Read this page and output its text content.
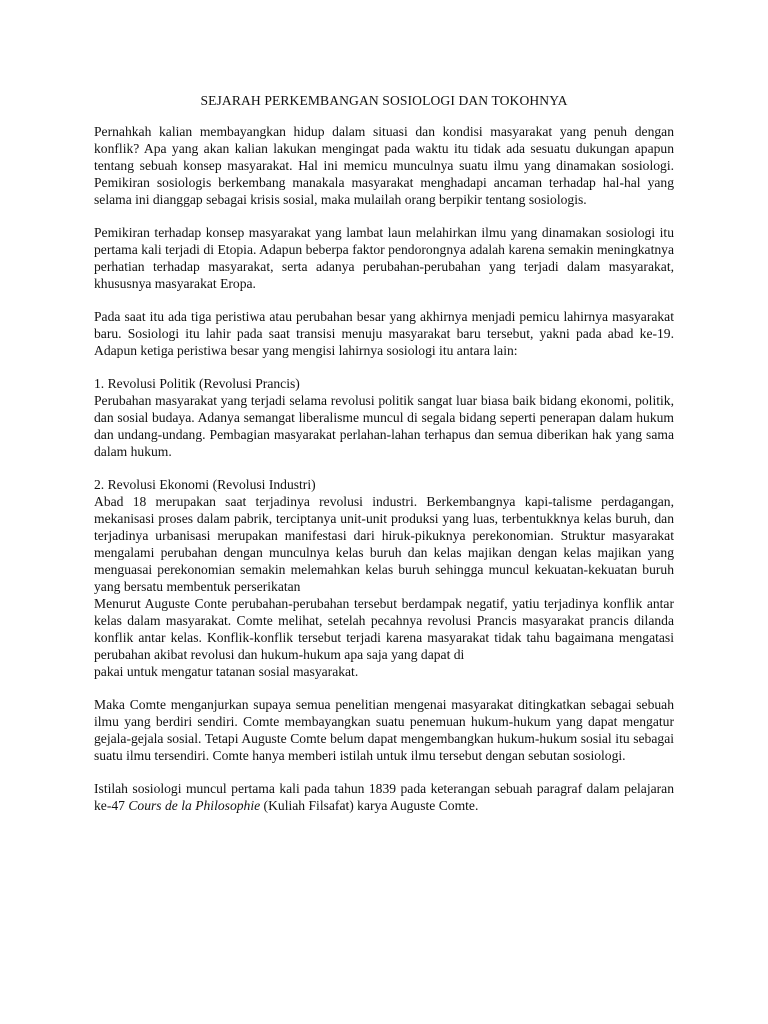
SEJARAH PERKEMBANGAN SOSIOLOGI DAN TOKOHNYA

Pernahkah kalian membayangkan hidup dalam situasi dan kondisi masyarakat yang penuh dengan konflik? Apa yang akan kalian lakukan mengingat pada waktu itu tidak ada sesuatu dukungan apapun tentang sebuah konsep masyarakat. Hal ini memicu munculnya suatu ilmu yang dinamakan sosiologi. Pemikiran sosiologis berkembang manakala masyarakat menghadapi ancaman terhadap hal-hal yang selama ini dianggap sebagai krisis sosial, maka mulailah orang berpikir tentang sosiologis.

Pemikiran terhadap konsep masyarakat yang lambat laun melahirkan ilmu yang dinamakan sosiologi itu pertama kali terjadi di Etopia. Adapun beberpa faktor pendorongnya adalah karena semakin meningkatnya perhatian terhadap masyarakat, serta adanya perubahan-perubahan yang terjadi dalam masyarakat, khususnya masyarakat Eropa.

Pada saat itu ada tiga peristiwa atau perubahan besar yang akhirnya menjadi pemicu lahirnya masyarakat baru. Sosiologi itu lahir pada saat transisi menuju masyarakat baru tersebut, yakni pada abad ke-19. Adapun ketiga peristiwa besar yang mengisi lahirnya sosiologi itu antara lain:

1. Revolusi Politik (Revolusi Prancis)
Perubahan masyarakat yang terjadi selama revolusi politik sangat luar biasa baik bidang ekonomi, politik, dan sosial budaya. Adanya semangat liberalisme muncul di segala bidang seperti penerapan dalam hukum dan undang-undang. Pembagian masyarakat perlahan-lahan terhapus dan semua diberikan hak yang sama dalam hukum.
2. Revolusi Ekonomi (Revolusi Industri)
Abad 18 merupakan saat terjadinya revolusi industri. Berkembangnya kapi-talisme perdagangan, mekanisasi proses dalam pabrik, terciptanya unit-unit produksi yang luas, terbentukknya kelas buruh, dan terjadinya urbanisasi merupakan manifestasi dari hiruk-pikuknya perekonomian. Struktur masyarakat mengalami perubahan dengan munculnya kelas buruh dan kelas majikan dengan kelas majikan yang menguasai perekonomian semakin melemahkan kelas buruh sehingga muncul kekuatan-kekuatan buruh yang bersatu membentuk perserikatan
Menurut Auguste Conte perubahan-perubahan tersebut berdampak negatif, yatiu terjadinya konflik antar kelas dalam masyarakat. Comte melihat, setelah pecahnya revolusi Prancis masyarakat prancis dilanda konflik antar kelas. Konflik-konflik tersebut terjadi karena masyarakat tidak tahu bagaimana mengatasi perubahan akibat revolusi dan hukum-hukum apa saja yang dapat di
pakai untuk mengatur tatanan sosial masyarakat.

Maka Comte menganjurkan supaya semua penelitian mengenai masyarakat ditingkatkan sebagai sebuah ilmu yang berdiri sendiri. Comte membayangkan suatu penemuan hukum-hukum yang dapat mengatur gejala-gejala sosial. Tetapi Auguste Comte belum dapat mengembangkan hukum-hukum sosial itu sebagai suatu ilmu tersendiri. Comte hanya memberi istilah untuk ilmu tersebut dengan sebutan sosiologi.

Istilah sosiologi muncul pertama kali pada tahun 1839 pada keterangan sebuah paragraf dalam pelajaran ke-47 Cours de la Philosophie (Kuliah Filsafat) karya Auguste Comte.
